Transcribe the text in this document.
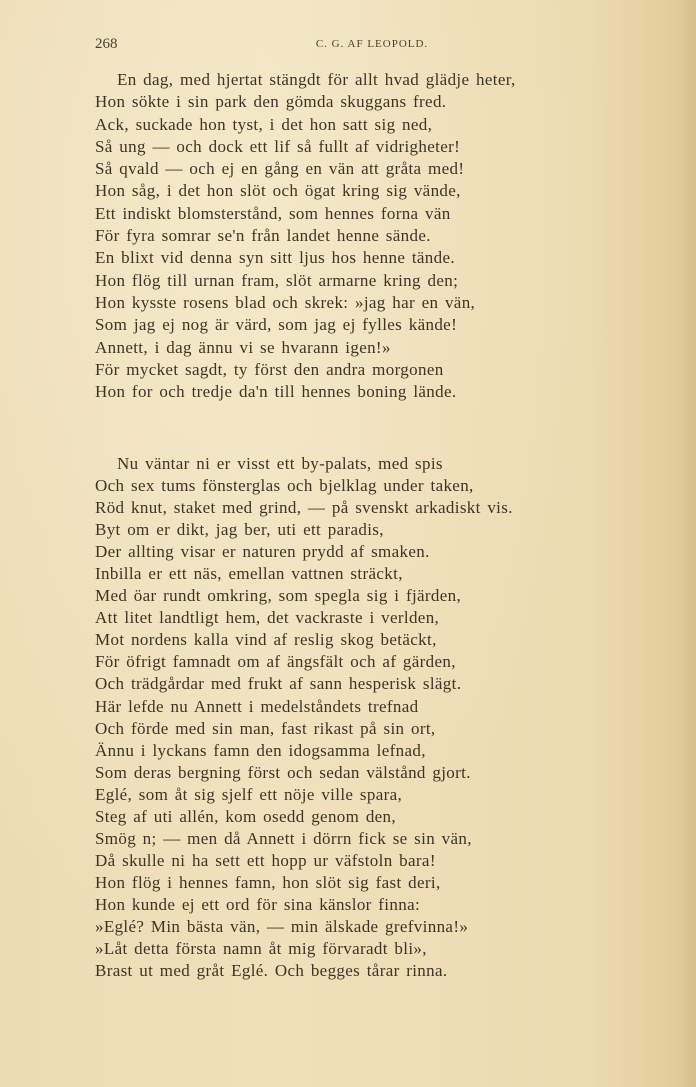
268	C. G. AF LEOPOLD.
En dag, med hjertat stängdt för allt hvad glädje heter,
Hon sökte i sin park den gömda skuggans fred.
Ack, suckade hon tyst, i det hon satt sig ned,
Så ung — och dock ett lif så fullt af vidrigheter!
Så qvald — och ej en gång en vän att gråta med!
Hon såg, i det hon slöt och ögat kring sig vände,
Ett indiskt blomsterstånd, som hennes forna vän
För fyra somrar se'n från landet henne sände.
En blixt vid denna syn sitt ljus hos henne tände.
Hon flög till urnan fram, slöt armarne kring den;
Hon kysste rosens blad och skrek: »jag har en vän,
Som jag ej nog är värd, som jag ej fylles kände!
Annett, i dag ännu vi se hvarann igen!»
För mycket sagdt, ty först den andra morgonen
Hon for och tredje da'n till hennes boning lände.
Nu väntar ni er visst ett by-palats, med spis
Och sex tums fönsterglas och bjelklag under taken,
Röd knut, staket med grind, — på svenskt arkadiskt vis.
Byt om er dikt, jag ber, uti ett paradis,
Der allting visar er naturen prydd af smaken.
Inbilla er ett näs, emellan vattnen sträckt,
Med öar rundt omkring, som spegla sig i fjärden,
Att litet landtligt hem, det vackraste i verlden,
Mot nordens kalla vind af reslig skog betäckt,
För öfrigt famnadt om af ängsfält och af gärden,
Och trädgårdar med frukt af sann hesperisk slägt.
Här lefde nu Annett i medelståndets trefnad
Och förde med sin man, fast rikast på sin ort,
Ännu i lyckans famn den idogsamma lefnad,
Som deras bergning först och sedan välstånd gjort.
Eglé, som åt sig sjelf ett nöje ville spara,
Steg af uti allén, kom osedd genom den,
Smög n; — men då Annett i dörrn fick se sin vän,
Då skulle ni ha sett ett hopp ur väfstoln bara!
Hon flög i hennes famn, hon slöt sig fast deri,
Hon kunde ej ett ord för sina känslor finna:
»Eglé? Min bästa vän, — min älskade grefvinna!»
»Låt detta första namn åt mig förvaradt bli»,
Brast ut med gråt Eglé. Och begges tårar rinna.
